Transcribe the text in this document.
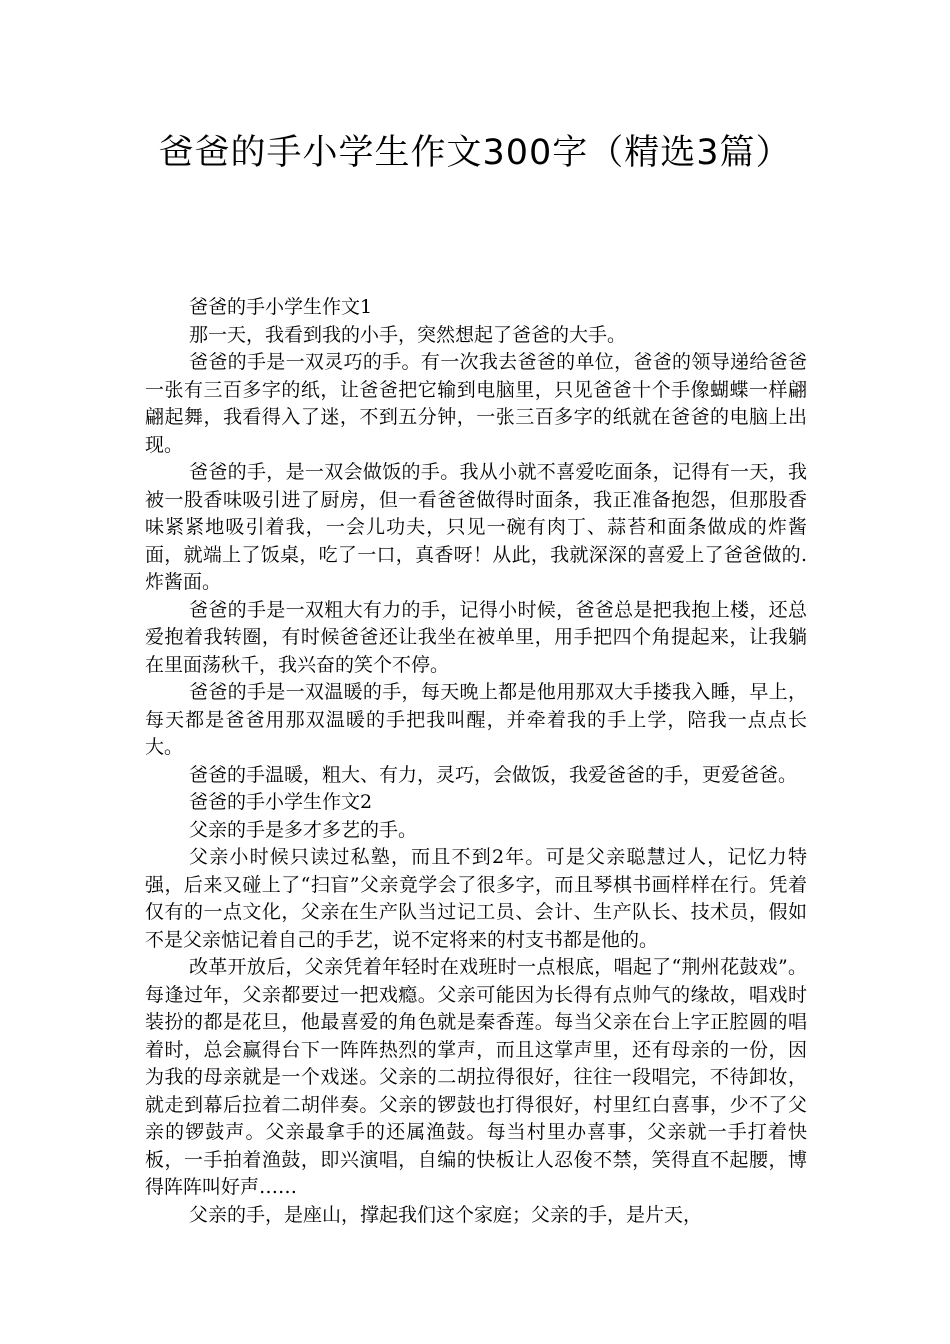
爸爸的手小学生作文300字（精选3篇）

爸爸的手小学生作文1

那一天，我看到我的小手，突然想起了爸爸的大手。

爸爸的手是一双灵巧的手。有一次我去爸爸的单位，爸爸的领导递给爸爸一张有三百多字的纸，让爸爸把它输到电脑里，只见爸爸十个手像蝴蝶一样翩翩起舞，我看得入了迷，不到五分钟，一张三百多字的纸就在爸爸的电脑上出现。

爸爸的手，是一双会做饭的手。我从小就不喜爱吃面条，记得有一天，我被一股香味吸引进了厨房，但一看爸爸做得时面条，我正准备抱怨，但那股香味紧紧地吸引着我，一会儿功夫，只见一碗有肉丁、蒜苔和面条做成的炸酱面，就端上了饭桌，吃了一口，真香呀！从此，我就深深的喜爱上了爸爸做的.炸酱面。

爸爸的手是一双粗大有力的手，记得小时候，爸爸总是把我抱上楼，还总爱抱着我转圈，有时候爸爸还让我坐在被单里，用手把四个角提起来，让我躺在里面荡秋千，我兴奋的笑个不停。

爸爸的手是一双温暖的手，每天晚上都是他用那双大手搂我入睡，早上，每天都是爸爸用那双温暖的手把我叫醒，并牵着我的手上学，陪我一点点长大。

爸爸的手温暖，粗大、有力，灵巧，会做饭，我爱爸爸的手，更爱爸爸。

爸爸的手小学生作文2

父亲的手是多才多艺的手。

父亲小时候只读过私塾，而且不到2年。可是父亲聪慧过人，记忆力特强，后来又碰上了“扫盲”父亲竟学会了很多字，而且琴棋书画样样在行。凭着仅有的一点文化，父亲在生产队当过记工员、会计、生产队长、技术员，假如不是父亲惦记着自己的手艺，说不定将来的村支书都是他的。

改革开放后，父亲凭着年轻时在戏班时一点根底，唱起了“荆州花鼓戏”。每逢过年，父亲都要过一把戏瘾。父亲可能因为长得有点帅气的缘故，唱戏时装扮的都是花旦，他最喜爱的角色就是秦香莲。每当父亲在台上字正腔圆的唱着时，总会赢得台下一阵阵热烈的掌声，而且这掌声里，还有母亲的一份，因为我的母亲就是一个戏迷。父亲的二胡拉得很好，往往一段唱完，不待卸妆，就走到幕后拉着二胡伴奏。父亲的锣鼓也打得很好，村里红白喜事，少不了父亲的锣鼓声。父亲最拿手的还属渔鼓。每当村里办喜事，父亲就一手打着快板，一手拍着渔鼓，即兴演唱，自编的快板让人忍俊不禁，笑得直不起腰，博得阵阵叫好声……

父亲的手，是座山，撑起我们这个家庭；父亲的手，是片天，
